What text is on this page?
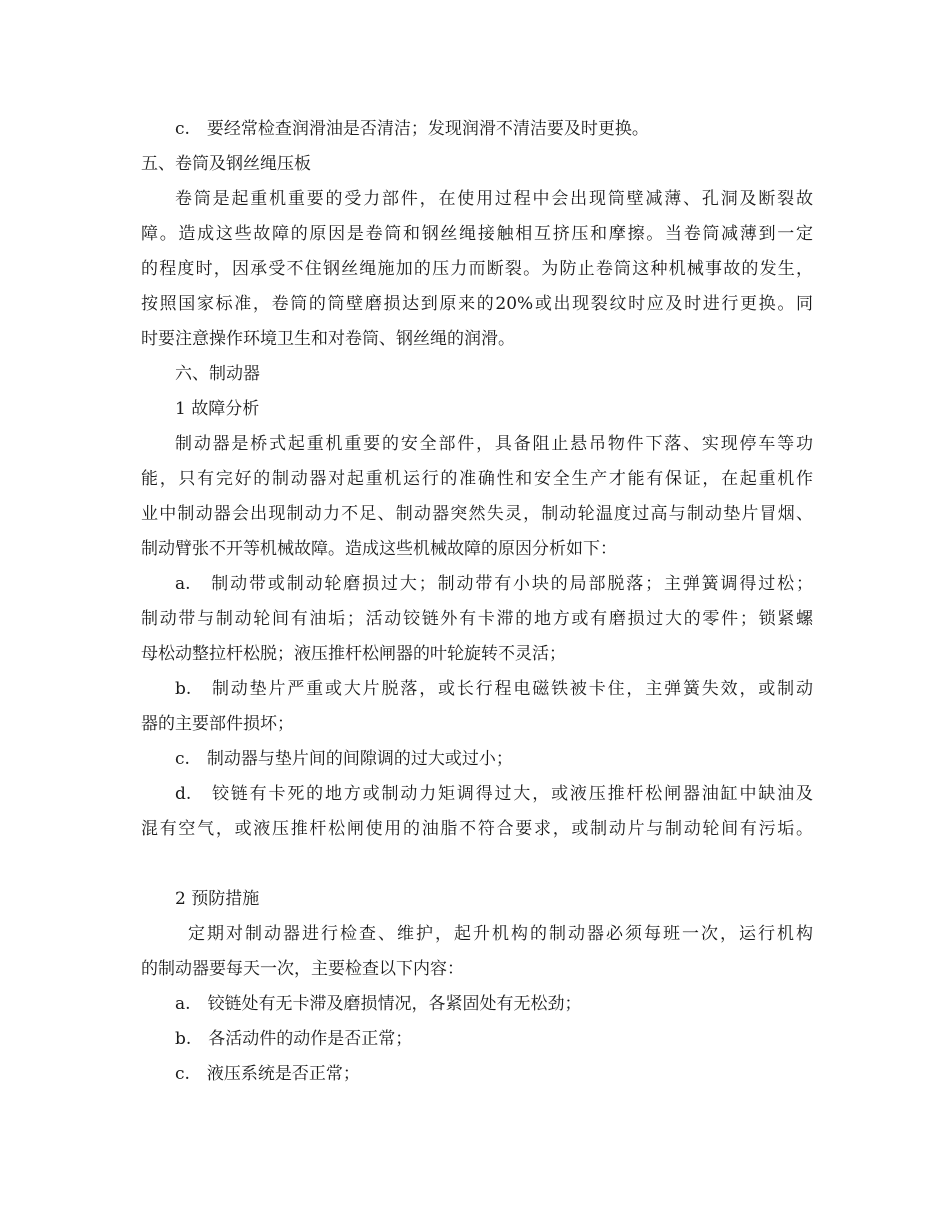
c.　要经常检查润滑油是否清洁；发现润滑不清洁要及时更换。
五、卷筒及钢丝绳压板
卷筒是起重机重要的受力部件，在使用过程中会出现筒壁减薄、孔洞及断裂故
障。造成这些故障的原因是卷筒和钢丝绳接触相互挤压和摩擦。当卷筒减薄到一定
的程度时，因承受不住钢丝绳施加的压力而断裂。为防止卷筒这种机械事故的发生，
按照国家标准，卷筒的筒壁磨损达到原来的20%或出现裂纹时应及时进行更换。同
时要注意操作环境卫生和对卷筒、钢丝绳的润滑。
六、制动器
1 故障分析
制动器是桥式起重机重要的安全部件，具备阻止悬吊物件下落、实现停车等功
能，只有完好的制动器对起重机运行的准确性和安全生产才能有保证，在起重机作
业中制动器会出现制动力不足、制动器突然失灵，制动轮温度过高与制动垫片冒烟、
制动臂张不开等机械故障。造成这些机械故障的原因分析如下：
a.　制动带或制动轮磨损过大；制动带有小块的局部脱落；主弹簧调得过松；
制动带与制动轮间有油垢；活动铰链外有卡滞的地方或有磨损过大的零件；锁紧螺
母松动整拉杆松脱；液压推杆松闸器的叶轮旋转不灵活；
b.　制动垫片严重或大片脱落，或长行程电磁铁被卡住，主弹簧失效，或制动
器的主要部件损坏；
c.　制动器与垫片间的间隙调的过大或过小；
d.　铰链有卡死的地方或制动力矩调得过大，或液压推杆松闸器油缸中缺油及
混有空气，或液压推杆松闸使用的油脂不符合要求，或制动片与制动轮间有污垢。
2 预防措施
定期对制动器进行检查、维护，起升机构的制动器必须每班一次，运行机构
的制动器要每天一次，主要检查以下内容：
a.　铰链处有无卡滞及磨损情况，各紧固处有无松劲；
b.　各活动件的动作是否正常；
c.　液压系统是否正常；
